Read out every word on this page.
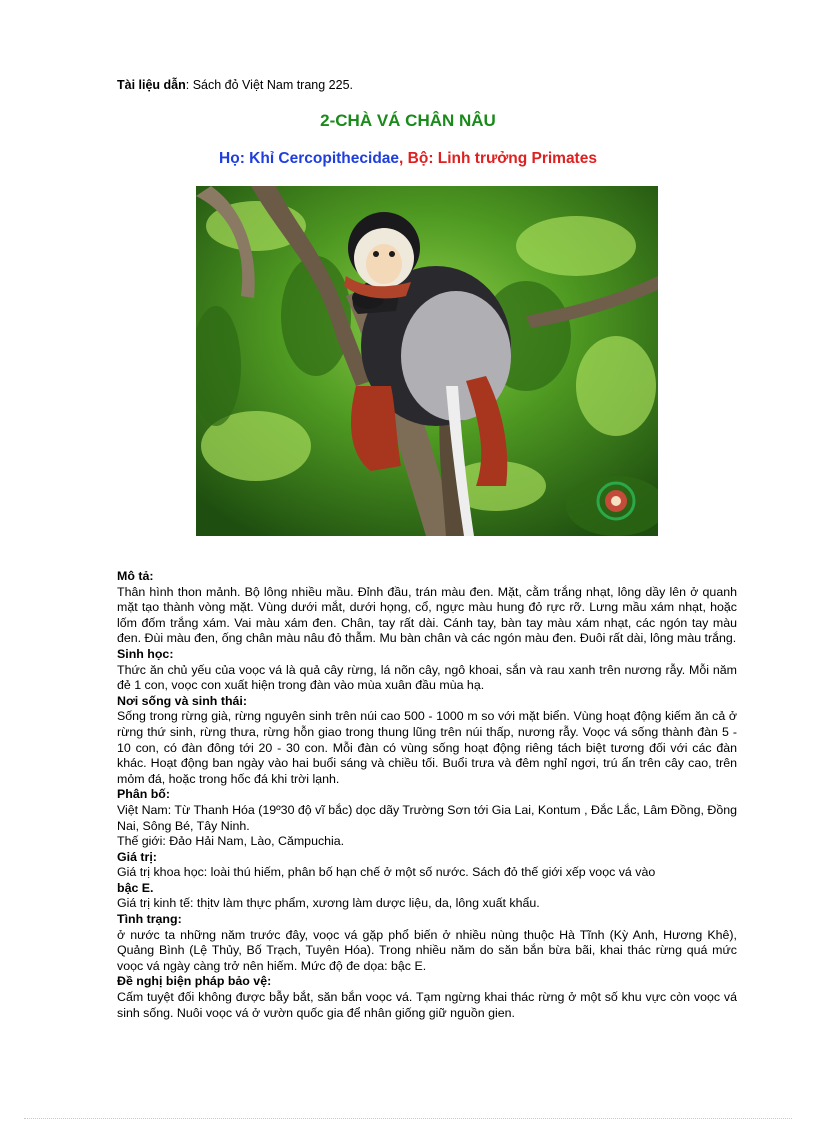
Tài liệu dẫn: Sách đỏ Việt Nam trang 225.
2-CHÀ VÁ CHÂN NÂU
Họ: Khỉ Cercopithecidae, Bộ: Linh trưởng Primates

Mô tả:

Thân hình thon mảnh. Bộ lông nhiều mầu. Đỉnh đầu, trán màu đen. Mặt, cằm trắng nhạt, lông dầy lên ở quanh mặt tạo thành vòng mặt. Vùng dưới mắt, dưới họng, cổ, ngực màu hung đỏ rực rỡ. Lưng mầu xám nhạt, hoặc lốm đốm trắng xám. Vai màu xám đen. Chân, tay rất dài. Cánh tay, bàn tay màu xám nhạt, các ngón tay màu đen. Đùi màu đen, ống chân màu nâu đỏ thẫm. Mu bàn chân và các ngón màu đen. Đuôi rất dài, lông màu trắng.

Sinh học:

Thức ăn chủ yếu của voọc vá là quả cây rừng, lá nõn cây, ngô khoai, sắn và rau xanh trên nương rẫy. Mỗi năm đẻ 1 con, voọc con xuất hiện trong đàn vào mùa xuân đầu mùa hạ.

Nơi sống và sinh thái:

Sống trong rừng già, rừng nguyên sinh trên núi cao 500 - 1000 m so với mặt biển. Vùng hoạt động kiếm ăn cả ở rừng thứ sinh, rừng thưa, rừng hỗn giao trong thung lũng trên núi thấp, nương rẫy. Voọc vá sống thành đàn 5 - 10 con, có đàn đông tới 20 - 30 con. Mỗi đàn có vùng sống hoạt động riêng tách biệt tương đối với các đàn khác. Hoạt động ban ngày vào hai buổi sáng và chiều tối. Buổi trưa và đêm nghỉ ngơi, trú ẩn trên cây cao, trên mỏm đá, hoặc trong hốc đá khi trời lạnh.

Phân bố:

Việt Nam: Từ Thanh Hóa (19º30 độ vĩ bắc) dọc dãy Trường Sơn tới Gia Lai, Kontum , Đắc Lắc, Lâm Đồng, Đồng Nai, Sông Bé, Tây Ninh.

Thế giới: Đảo Hải Nam, Lào, Cămpuchia.

Giá trị:

Giá trị khoa học: loài thú hiếm, phân bố hạn chế ở một số nước. Sách đỏ thế giới xếp voọc vá vào

bậc E.

Giá trị kinh tế: thịtv làm thực phẩm, xương làm dược liệu, da, lông xuất khẩu.

Tình trạng:

ở nước ta những năm trước đây, voọc vá gặp phổ biến ở nhiều nùng thuộc Hà Tĩnh (Kỳ Anh, Hương Khê), Quảng Bình (Lệ Thủy, Bố Trạch, Tuyên Hóa). Trong nhiều năm do săn bắn bừa bãi, khai thác rừng quá mức voọc vá ngày càng trở nên hiếm. Mức độ đe dọa: bậc E.

Đề nghị biện pháp bảo vệ:

Cấm tuyệt đối không được bẫy bắt, săn bắn voọc vá. Tạm ngừng khai thác rừng ở một số khu vực còn voọc vá sinh sống. Nuôi voọc vá ở vườn quốc gia để nhân giống giữ nguồn gien.
